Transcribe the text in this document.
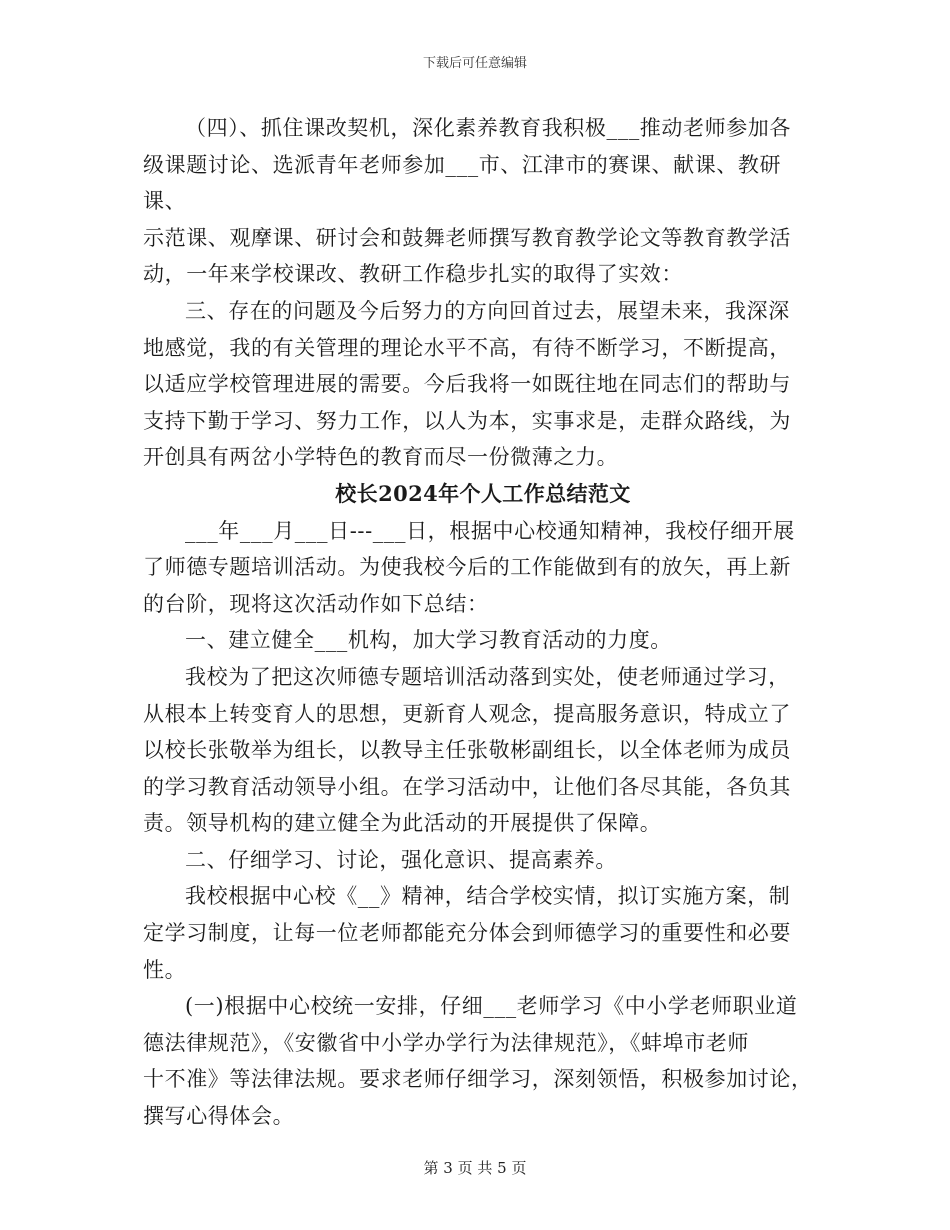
下载后可任意编辑

（四）、抓住课改契机，深化素养教育我积极___推动老师参加各
级课题讨论、选派青年老师参加___市、江津市的赛课、献课、教研课、
示范课、观摩课、研讨会和鼓舞老师撰写教育教学论文等教育教学活
动，一年来学校课改、教研工作稳步扎实的取得了实效：

三、存在的问题及今后努力的方向回首过去，展望未来，我深深
地感觉，我的有关管理的理论水平不高，有待不断学习，不断提高，
以适应学校管理进展的需要。今后我将一如既往地在同志们的帮助与
支持下勤于学习、努力工作，以人为本，实事求是，走群众路线，为
开创具有两岔小学特色的教育而尽一份微薄之力。

校长2024年个人工作总结范文

___年___月___日---___日，根据中心校通知精神，我校仔细开展
了师德专题培训活动。为使我校今后的工作能做到有的放矢，再上新
的台阶，现将这次活动作如下总结：

一、建立健全___机构，加大学习教育活动的力度。

我校为了把这次师德专题培训活动落到实处，使老师通过学习，
从根本上转变育人的思想，更新育人观念，提高服务意识，特成立了
以校长张敬举为组长，以教导主任张敬彬副组长，以全体老师为成员
的学习教育活动领导小组。在学习活动中，让他们各尽其能，各负其
责。领导机构的建立健全为此活动的开展提供了保障。

二、仔细学习、讨论，强化意识、提高素养。

我校根据中心校《__》精神，结合学校实情，拟订实施方案，制
定学习制度，让每一位老师都能充分体会到师德学习的重要性和必要
性。

(一)根据中心校统一安排，仔细___老师学习《中小学老师职业道
德法律规范》，《安徽省中小学办学行为法律规范》，《蚌埠市老师
十不准》等法律法规。要求老师仔细学习，深刻领悟，积极参加讨论，
撰写心得体会。

第 3 页 共 5 页
